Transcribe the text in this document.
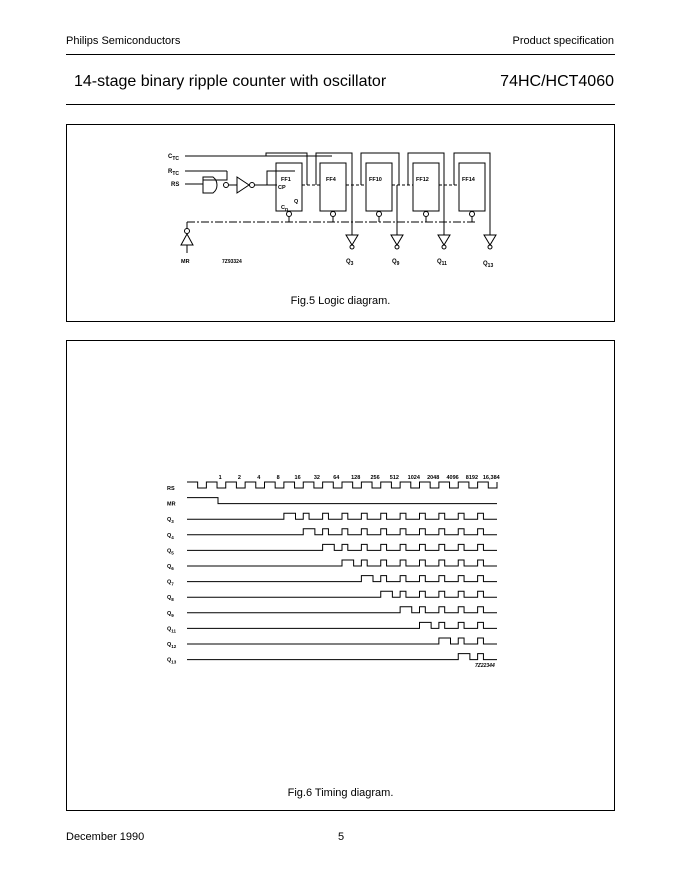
Philips Semiconductors	Product specification
14-stage binary ripple counter with oscillator	74HC/HCT4060
$C_{TC}$
$R_{TC}$
RS	CP
Q
$C_D$
FF1	FF4	FF10	FF12	FF14
MR	7Z93324	$Q_3$	$Q_9$	$Q_{11}$	$Q_{13}$
Fig.5 Logic diagram.
1	2	4	8	16 32 64 128 256 512 1024 2048 4096 8192 16,384
RS
MR
$Q_3$
$Q_4$
$Q_5$
$Q_6$
$Q_7$
$Q_8$
$Q_9$
$Q_{11}$
$Q_{12}$
$Q_{13}$
7Z22344
Fig.6 Timing diagram.
December 1990	5
